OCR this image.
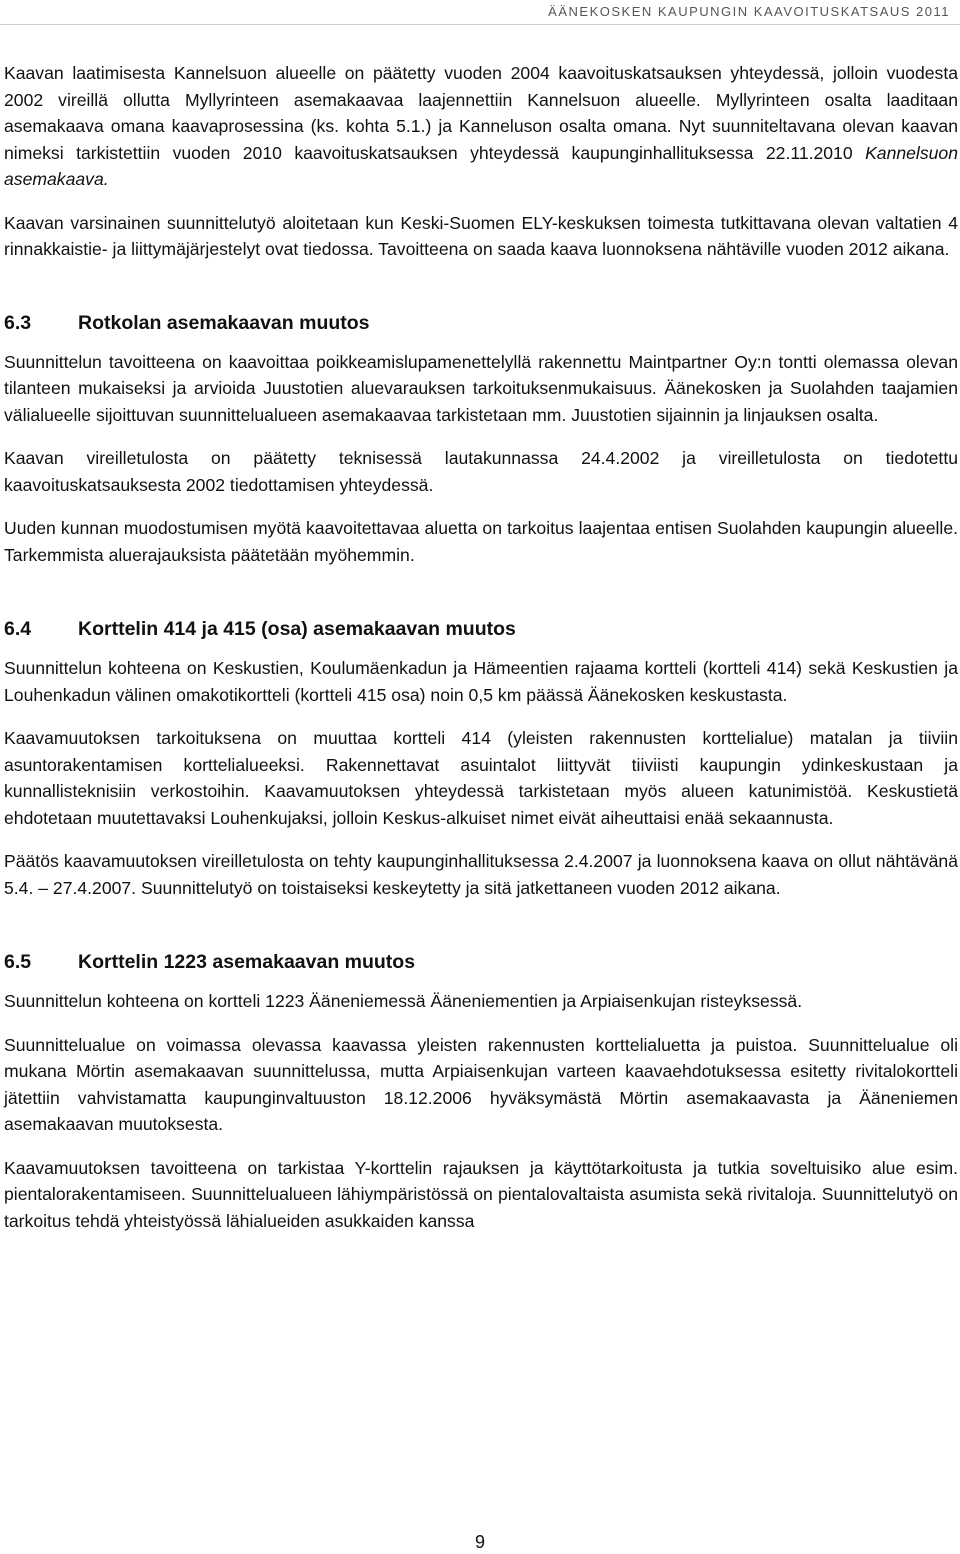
ÄÄNEKOSKEN KAUPUNGIN KAAVOITUSKATSAUS 2011

Kaavan laatimisesta Kannelsuon alueelle on päätetty vuoden 2004 kaavoituskatsauksen yhteydessä, jolloin vuodesta 2002 vireillä ollutta Myllyrinteen asemakaavaa laajennettiin Kannelsuon alueelle. Myllyrinteen osalta laaditaan asemakaava omana kaavaprosessina (ks. kohta 5.1.) ja Kanneluson osalta omana. Nyt suunniteltavana olevan kaavan nimeksi tarkistettiin vuoden 2010 kaavoituskatsauksen yhteydessä kaupunginhallituksessa 22.11.2010 Kannelsuon asemakaava.

Kaavan varsinainen suunnittelutyö aloitetaan kun Keski-Suomen ELY-keskuksen toimesta tutkittavana olevan valtatien 4 rinnakkaistie- ja liittymäjärjestelyt ovat tiedossa. Tavoitteena on saada kaava luonnoksena nähtäville vuoden 2012 aikana.

6.3	Rotkolan asemakaavan muutos

Suunnittelun tavoitteena on kaavoittaa poikkeamislupamenettelyllä rakennettu Maintpartner Oy:n tontti olemassa olevan tilanteen mukaiseksi ja arvioida Juustotien aluevarauksen tarkoituksenmukaisuus. Äänekosken ja Suolahden taajamien välialueelle sijoittuvan suunnittelualueen asemakaavaa tarkistetaan mm. Juustotien sijainnin ja linjauksen osalta.

Kaavan vireilletulosta on päätetty teknisessä lautakunnassa 24.4.2002 ja vireilletulosta on tiedotettu kaavoituskatsauksesta 2002 tiedottamisen yhteydessä.

Uuden kunnan muodostumisen myötä kaavoitettavaa aluetta on tarkoitus laajentaa entisen Suolahden kaupungin alueelle. Tarkemmista aluerajauksista päätetään myöhemmin.

6.4	Korttelin 414 ja 415 (osa) asemakaavan muutos

Suunnittelun kohteena on Keskustien, Koulumäenkadun ja Hämeentien rajaama kortteli (kortteli 414) sekä Keskustien ja Louhenkadun välinen omakotikortteli (kortteli 415 osa) noin 0,5 km päässä Äänekosken keskustasta.

Kaavamuutoksen tarkoituksena on muuttaa kortteli 414 (yleisten rakennusten korttelialue) matalan ja tiiviin asuntorakentamisen korttelialueeksi. Rakennettavat asuintalot liittyvät tiiviisti kaupungin ydinkeskustaan ja kunnallisteknisiin verkostoihin. Kaavamuutoksen yhteydessä tarkistetaan myös alueen katunimistöä. Keskustietä ehdotetaan muutettavaksi Louhenkujaksi, jolloin Keskus-alkuiset nimet eivät aiheuttaisi enää sekaannusta.

Päätös kaavamuutoksen vireilletulosta on tehty kaupunginhallituksessa 2.4.2007 ja luonnoksena kaava on ollut nähtävänä 5.4. – 27.4.2007. Suunnittelutyö on toistaiseksi keskeytetty ja sitä jatkettaneen vuoden 2012 aikana.

6.5	Korttelin 1223 asemakaavan muutos

Suunnittelun kohteena on kortteli 1223 Ääneniemessä Ääneniementien ja Arpiaisenkujan risteyksessä.

Suunnittelualue on voimassa olevassa kaavassa yleisten rakennusten korttelialuetta ja puistoa. Suunnittelualue oli mukana Mörtin asemakaavan suunnittelussa, mutta Arpiaisenkujan varteen kaavaehdotuksessa esitetty rivitalokortteli jätettiin vahvistamatta kaupunginvaltuuston 18.12.2006 hyväksymästä Mörtin asemakaavasta ja Ääneniemen asemakaavan muutoksesta.

Kaavamuutoksen tavoitteena on tarkistaa Y-korttelin rajauksen ja käyttötarkoitusta ja tutkia soveltuisiko alue esim. pientalorakentamiseen. Suunnittelualueen lähiympäristössä on pientalovaltaista asumista sekä rivitaloja. Suunnittelutyö on tarkoitus tehdä yhteistyössä lähialueiden asukkaiden kanssa

9
